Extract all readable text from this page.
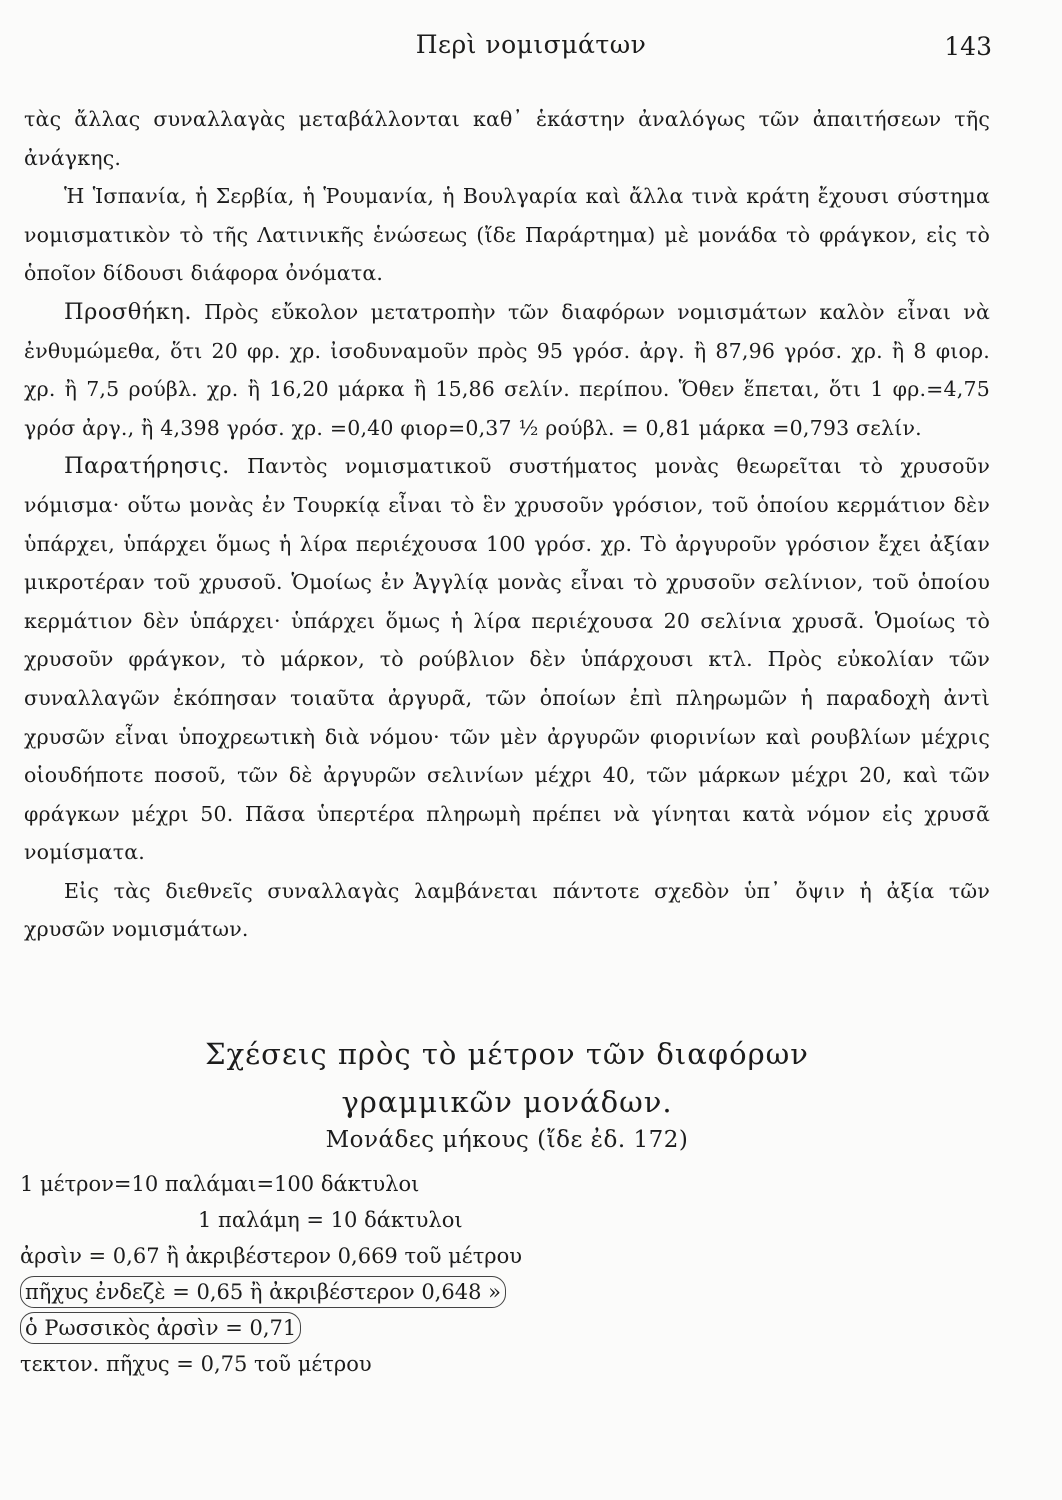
Περὶ νομισμάτων	143

τὰς ἄλλας συναλλαγὰς μεταβάλλονται καθ᾽ ἑκάστην ἀναλόγως τῶν ἀπαιτήσεων τῆς ἀνάγκης.

Ἡ Ἱσπανία, ἡ Σερβία, ἡ Ῥουμανία, ἡ Βουλγαρία καὶ ἄλλα τινὰ κράτη ἔχουσι σύστημα νομισματικὸν τὸ τῆς Λατινικῆς ἑνώσεως (ἴδε Παράρτημα) μὲ μονάδα τὸ φράγκον, εἰς τὸ ὁποῖον δίδουσι διάφορα ὀνόματα.

Προσθήκη. Πρὸς εὔκολον μετατροπὴν τῶν διαφόρων νομισμάτων καλὸν εἶναι νὰ ἐνθυμώμεθα, ὅτι 20 φρ. χρ. ἰσοδυναμοῦν πρὸς 95 γρόσ. ἀργ. ἢ 87,96 γρόσ. χρ. ἢ 8 φιορ. χρ. ἢ 7,5 ρούβλ. χρ. ἢ 16,20 μάρκα ἢ 15,86 σελίν. περίπου. Ὅθεν ἕπεται, ὅτι 1 φρ.=4,75 γρόσ ἀργ., ἢ 4,398 γρόσ. χρ. =0,40 φιορ=0,37 ½ ρούβλ. = 0,81 μάρκα =0,793 σελίν.

Παρατήρησις. Παντὸς νομισματικοῦ συστήματος μονὰς θεωρεῖται τὸ χρυσοῦν νόμισμα· οὕτω μονὰς ἐν Τουρκίᾳ εἶναι τὸ ἓν χρυσοῦν γρόσιον, τοῦ ὁποίου κερμάτιον δὲν ὑπάρχει, ὑπάρχει ὅμως ἡ λίρα περιέχουσα 100 γρόσ. χρ. Τὸ ἀργυροῦν γρόσιον ἔχει ἀξίαν μικροτέραν τοῦ χρυσοῦ. Ὁμοίως ἐν Ἀγγλίᾳ μονὰς εἶναι τὸ χρυσοῦν σελίνιον, τοῦ ὁποίου κερμάτιον δὲν ὑπάρχει· ὑπάρχει ὅμως ἡ λίρα περιέχουσα 20 σελίνια χρυσᾶ. Ὁμοίως τὸ χρυσοῦν φράγκον, τὸ μάρκον, τὸ ρούβλιον δὲν ὑπάρχουσι κτλ. Πρὸς εὐκολίαν τῶν συναλλαγῶν ἐκόπησαν τοιαῦτα ἀργυρᾶ, τῶν ὁποίων ἐπὶ πληρωμῶν ἡ παραδοχὴ ἀντὶ χρυσῶν εἶναι ὑποχρεωτικὴ διὰ νόμου· τῶν μὲν ἀργυρῶν φιορινίων καὶ ρουβλίων μέχρις οἱουδήποτε ποσοῦ, τῶν δὲ ἀργυρῶν σελινίων μέχρι 40, τῶν μάρκων μέχρι 20, καὶ τῶν φράγκων μέχρι 50. Πᾶσα ὑπερτέρα πληρωμὴ πρέπει νὰ γίνηται κατὰ νόμον εἰς χρυσᾶ νομίσματα.

Εἰς τὰς διεθνεῖς συναλλαγὰς λαμβάνεται πάντοτε σχεδὸν ὑπ᾽ ὄψιν ἡ ἀξία τῶν χρυσῶν νομισμάτων.

Σχέσεις πρὸς τὸ μέτρον τῶν διαφόρων
γραμμικῶν μονάδων.
Μονάδες μήκους (ἴδε ἐδ. 172)
1 μέτρον=10 παλάμαι=100 δάκτυλοι
1 παλάμη = 10 δάκτυλοι
ἀρσὶν = 0,67 ἢ ἀκριβέστερον 0,669 τοῦ μέτρου
πῆχυς ἐνδεζὲ = 0,65 ἢ ἀκριβέστερον 0,648 »
ὁ Ρωσσικὸς ἀρσὶν = 0,71
τεκτον. πῆχυς = 0,75 τοῦ μέτρου
